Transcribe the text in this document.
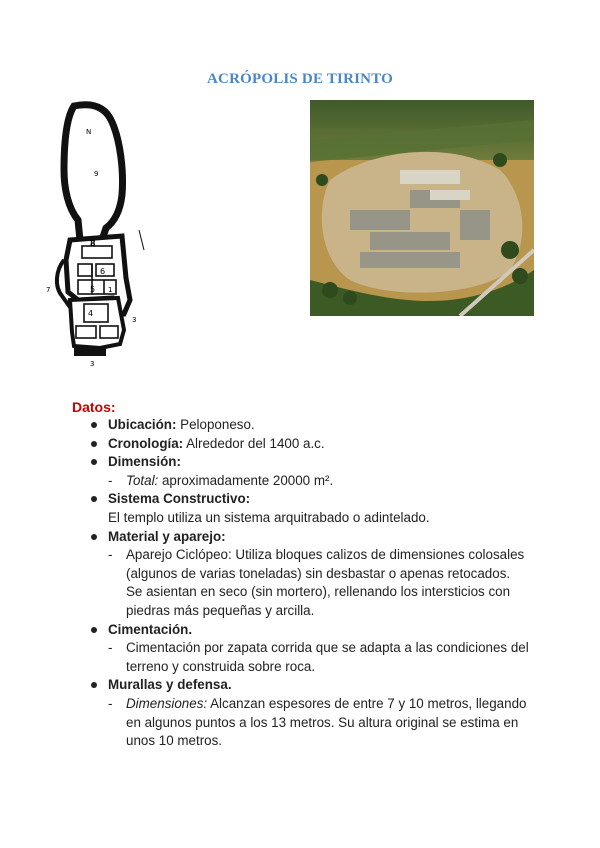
ACRÓPOLIS DE TIRINTO
N
9
8
6
5 1
4
7
3
3
Datos:
Ubicación: Peloponeso.
Cronología: Alrededor del 1400 a.c.
Dimensión:
- Total: aproximadamente 20000 m².
Sistema Constructivo:
El templo utiliza un sistema arquitrabado o adintelado.
Material y aparejo:
- Aparejo Ciclópeo: Utiliza bloques calizos de dimensiones colosales (algunos de varias toneladas) sin desbastar o apenas retocados. Se asientan en seco (sin mortero), rellenando los intersticios con piedras más pequeñas y arcilla.
Cimentación.
- Cimentación por zapata corrida que se adapta a las condiciones del terreno y construida sobre roca.
Murallas y defensa.
- Dimensiones: Alcanzan espesores de entre 7 y 10 metros, llegando en algunos puntos a los 13 metros. Su altura original se estima en unos 10 metros.
